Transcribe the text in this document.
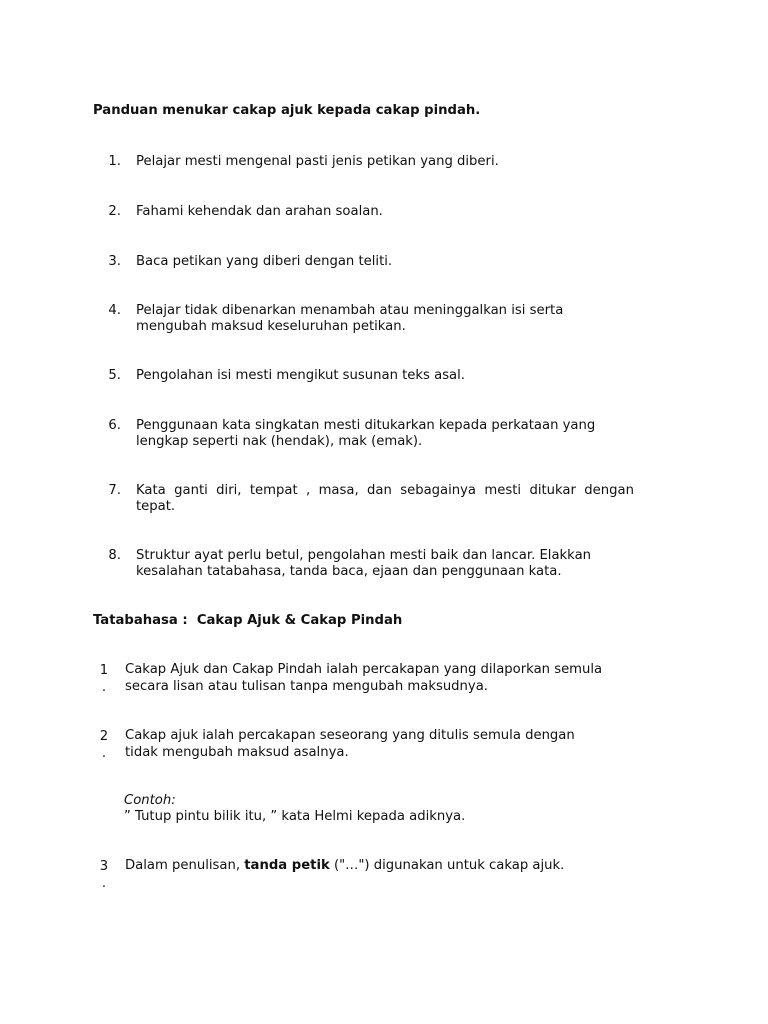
Panduan menukar cakap ajuk kepada cakap pindah.

1. Pelajar mesti mengenal pasti jenis petikan yang diberi.

2. Fahami kehendak dan arahan soalan.

3. Baca petikan yang diberi dengan teliti.

4. Pelajar tidak dibenarkan menambah atau meninggalkan isi serta

mengubah maksud keseluruhan petikan.

5. Pengolahan isi mesti mengikut susunan teks asal.

6. Penggunaan kata singkatan mesti ditukarkan kepada perkataan yang

lengkap seperti nak (hendak), mak (emak).

7. Kata  ganti  diri,  tempat  ,  masa,  dan  sebagainya  mesti  ditukar  dengan

tepat.

8. Struktur ayat perlu betul, pengolahan mesti baik dan lancar. Elakkan

kesalahan tatabahasa, tanda baca, ejaan dan penggunaan kata.

Tatabahasa :  Cakap Ajuk & Cakap Pindah

1
.

Cakap Ajuk dan Cakap Pindah ialah percakapan yang dilaporkan semula

secara lisan atau tulisan tanpa mengubah maksudnya.

2
.

Cakap ajuk ialah percakapan seseorang yang ditulis semula dengan

tidak mengubah maksud asalnya.

Contoh:

” Tutup pintu bilik itu, ” kata Helmi kepada adiknya.

3
.

Dalam penulisan, tanda petik ("…") digunakan untuk cakap ajuk.
